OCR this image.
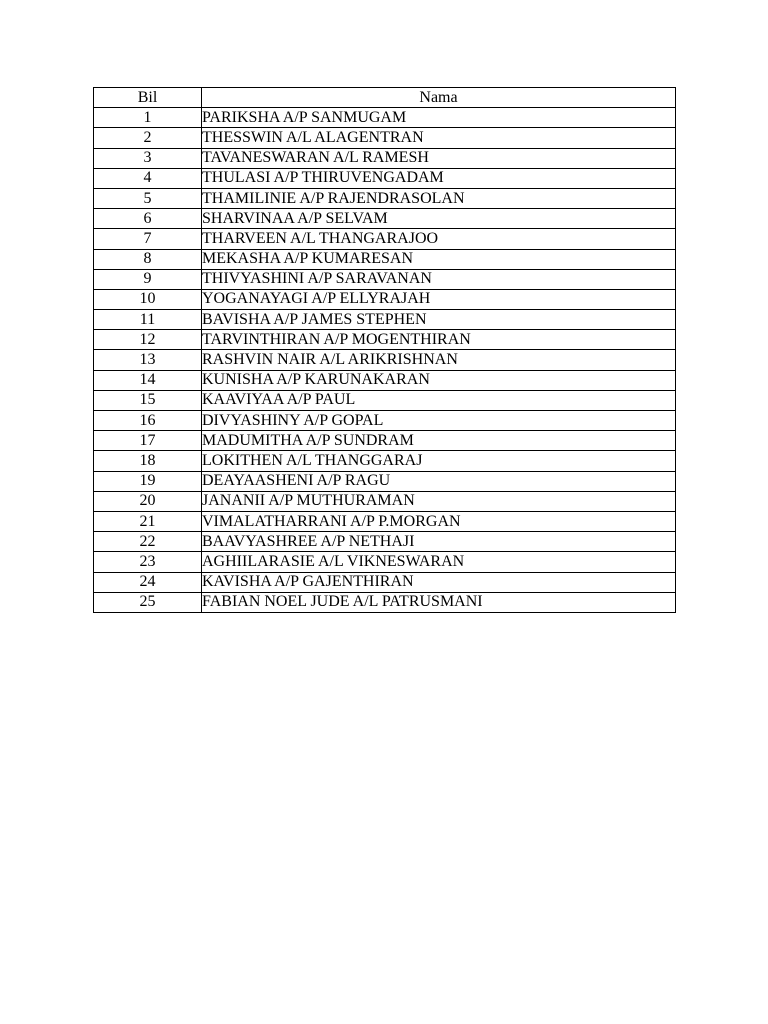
Bil	Nama
1	PARIKSHA A/P SANMUGAM
2	THESSWIN A/L ALAGENTRAN
3	TAVANESWARAN A/L RAMESH
4	THULASI A/P THIRUVENGADAM
5	THAMILINIE A/P RAJENDRASOLAN
6	SHARVINAA A/P SELVAM
7	THARVEEN A/L THANGARAJOO
8	MEKASHA A/P KUMARESAN
9	THIVYASHINI A/P SARAVANAN
10	YOGANAYAGI A/P ELLYRAJAH
11	BAVISHA A/P JAMES STEPHEN
12	TARVINTHIRAN A/P MOGENTHIRAN
13	RASHVIN NAIR A/L ARIKRISHNAN
14	KUNISHA A/P KARUNAKARAN
15	KAAVIYAA A/P PAUL
16	DIVYASHINY A/P GOPAL
17	MADUMITHA A/P SUNDRAM
18	LOKITHEN A/L THANGGARAJ
19	DEAYAASHENI A/P RAGU
20	JANANII A/P MUTHURAMAN
21	VIMALATHARRANI A/P P.MORGAN
22	BAAVYASHREE A/P NETHAJI
23	AGHIILARASIE A/L VIKNESWARAN
24	KAVISHA A/P GAJENTHIRAN
25	FABIAN NOEL JUDE A/L PATRUSMANI
